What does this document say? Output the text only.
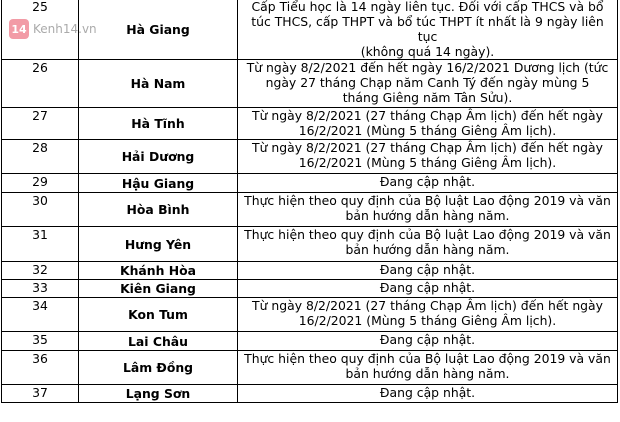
25	Hà Giang	Cấp Tiểu học là 14 ngày liên tục. Đối với cấp THCS và bổ
túc THCS, cấp THPT và bổ túc THPT ít nhất là 9 ngày liên tục
(không quá 14 ngày).

26	Hà Nam	Từ ngày 8/2/2021 đến hết ngày 16/2/2021 Dương lịch (tức
ngày 27 tháng Chạp năm Canh Tý đến ngày mùng 5
tháng Giêng năm Tân Sửu).

27	Hà Tĩnh	Từ ngày 8/2/2021 (27 tháng Chạp Âm lịch) đến hết ngày
16/2/2021 (Mùng 5 tháng Giêng Âm lịch).

28	Hải Dương	Từ ngày 8/2/2021 (27 tháng Chạp Âm lịch) đến hết ngày
16/2/2021 (Mùng 5 tháng Giêng Âm lịch).

29	Hậu Giang	Đang cập nhật.

30	Hòa Bình	Thực hiện theo quy định của Bộ luật Lao động 2019 và văn
bản hướng dẫn hàng năm.

31	Hưng Yên	Thực hiện theo quy định của Bộ luật Lao động 2019 và văn
bản hướng dẫn hàng năm.

32	Khánh Hòa	Đang cập nhật.

33	Kiên Giang	Đang cập nhật.

34	Kon Tum	Từ ngày 8/2/2021 (27 tháng Chạp Âm lịch) đến hết ngày
16/2/2021 (Mùng 5 tháng Giêng Âm lịch).

35	Lai Châu	Đang cập nhật.

36	Lâm Đồng	Thực hiện theo quy định của Bộ luật Lao động 2019 và văn
bản hướng dẫn hàng năm.

37	Lạng Sơn	Đang cập nhật.
14 Kenh14.vn
